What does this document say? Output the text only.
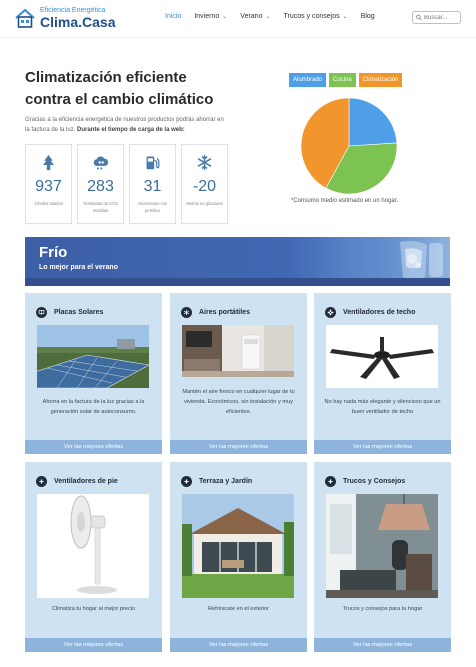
Eficiencia Energética
Clima.Casa	Inicio Invierno ⌄ Verano ⌄ Trucos y consejos ⌄ Blog
Buscar...
Climatización eficiente
contra el cambio climático
Gracias a la eficiencia energética de nuestros productos podrás ahorrar en la factura de la luz. Durante el tiempo de carga de la web:
937
Árboles talados
283
Toneladas de CO2 emitidas
31
Ascensores con petróleo
-20
Metros en glaciares
Alumbrado	Cocina	Climatización
*Consumo medio estimado en un hogar.
Frío
Lo mejor para el verano
Placas Solares
Ahorra en la factura de la luz gracias a la generación solar de autoconsumo.
Ver las mejores ofertas
Aires portátiles
Mantén el aire fresco en cualquier lugar de tu vivienda. Económicos, sin instalación y muy eficientes.
Ver las mejores ofertas
Ventiladores de techo
No hay nada más elegante y silencioso que un buen ventilador de techo
Ver las mejores ofertas
Ventiladores de pie
Climatiza tu hogar al mejor precio
Ver las mejores ofertas
Terraza y Jardín
Refréscate en el exterior
Ver las mejores ofertas
Trucos y Consejos
Trucos y consejos para tu hogar
Ver las mejores ofertas
